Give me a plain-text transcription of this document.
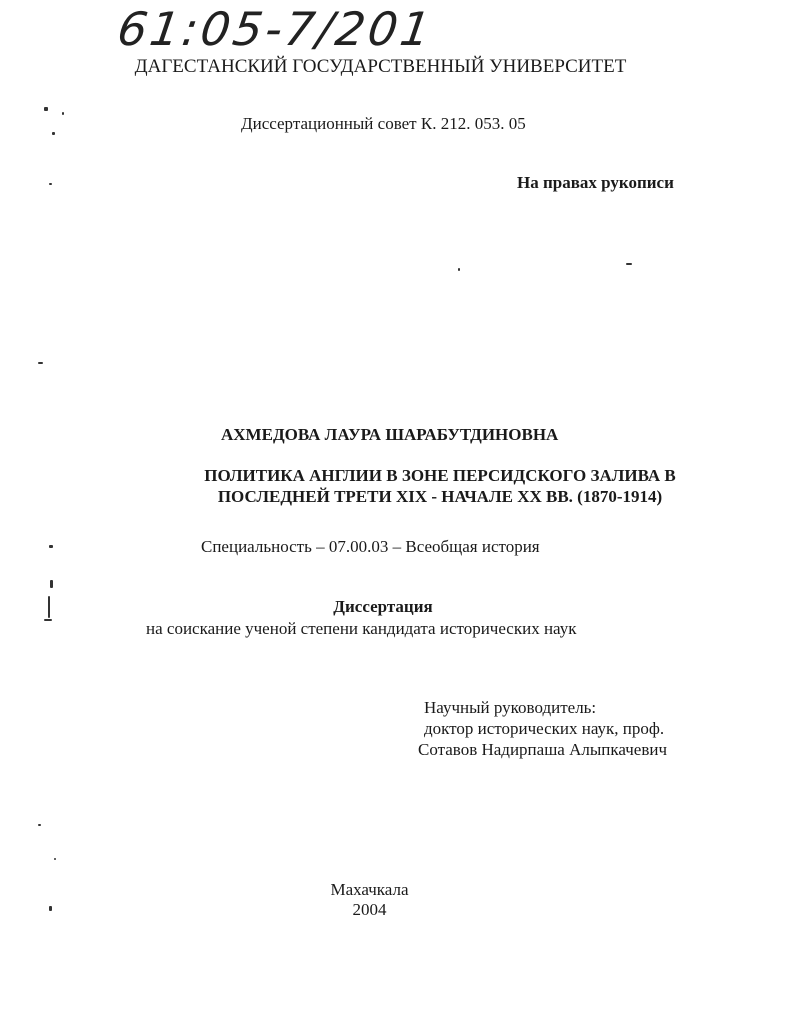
61:05-7/201
ДАГЕСТАНСКИЙ ГОСУДАРСТВЕННЫЙ УНИВЕРСИТЕТ
Диссертационный совет К. 212. 053. 05
На правах рукописи
АХМЕДОВА ЛАУРА ШАРАБУТДИНОВНА
ПОЛИТИКА АНГЛИИ В ЗОНЕ ПЕРСИДСКОГО ЗАЛИВА В
ПОСЛЕДНЕЙ ТРЕТИ XIX - НАЧАЛЕ XX ВВ. (1870-1914)
Специальность – 07.00.03 – Всеобщая история
Диссертация
на соискание ученой степени кандидата исторических наук
Научный руководитель:
доктор исторических наук, проф.
Сотавов Надирпаша Алыпкачевич
Махачкала
2004
